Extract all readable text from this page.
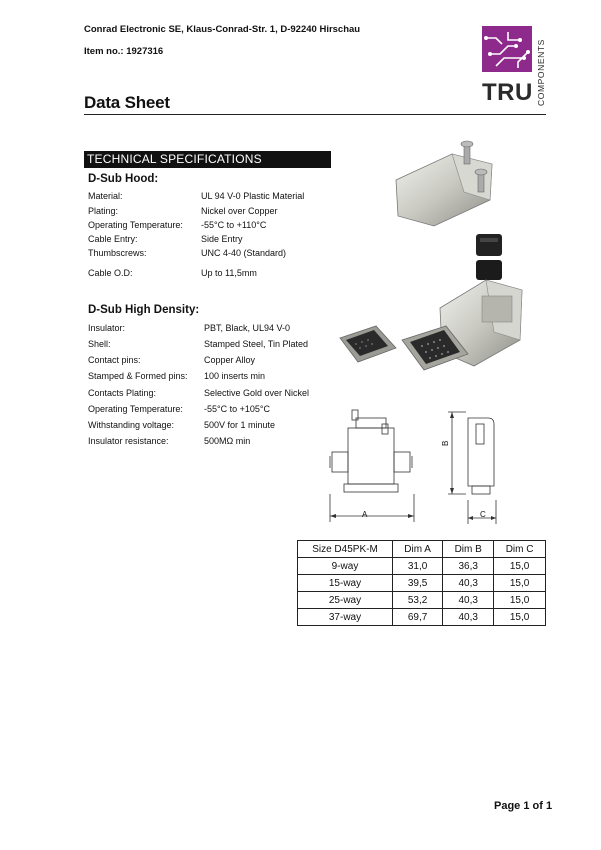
Conrad Electronic SE, Klaus-Conrad-Str. 1, D-92240 Hirschau
Item no.: 1927316
Data Sheet	TRU COMPONENTS
TECHNICAL SPECIFICATIONS
D-Sub Hood:
Material:	UL 94 V-0 Plastic Material
Plating:	Nickel over Copper
Operating Temperature: -55°C to +110°C
Cable Entry:	Side Entry
Thumbscrews:	UNC 4-40 (Standard)
Cable O.D:	Up to 11,5mm
D-Sub High Density:
Insulator:	PBT, Black, UL94 V-0
Shell:	Stamped Steel, Tin Plated
Contact pins:	Copper Alloy
Stamped & Formed pins: 100 inserts min
Contacts Plating:	Selective Gold over Nickel
Operating Temperature: -55°C to +105°C
Withstanding voltage:	500V for 1 minute
Insulator resistance:	500MΩ min
A
B
C
Size D45PK-M	Dim A	Dim B	Dim C
9-way	31,0	36,3	15,0
15-way	39,5	40,3	15,0
25-way	53,2	40,3	15,0
37-way	69,7	40,3	15,0
Page 1 of 1
